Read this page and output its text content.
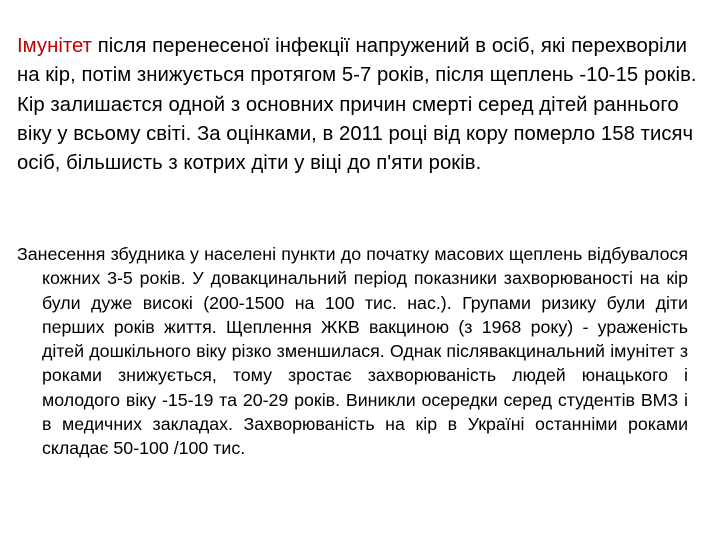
Імунітет після перенесеної інфекції напружений в осіб, які перехворіли на кір, потім знижується протягом 5-7 років, після щеплень -10-15 років. Кір залишаєтся одной з основних причин смерті серед дітей раннього віку у всьому світі. За оцінками, в 2011 році від кору померло 158 тисяч осіб, більшисть з котрих діти у віці до п'яти років.

Занесення збудника у населені пункти до початку масових щеплень відбувалося кожних 3-5 років. У довакцинальний період показники захворюваності на кір були дуже високі (200-1500 на 100 тис. нас.). Групами ризику були діти перших років життя. Щеплення ЖКВ вакциною (з 1968 року) - ураженість дітей дошкільного віку різко зменшилася. Однак післявакцинальний імунітет з роками знижується, тому зростає захворюваність людей юнацького і молодого віку -15-19 та 20-29 років. Виникли осередки серед студентів ВМЗ і в медичних закладах. Захворюваність на кір в Україні останніми роками складає 50-100 /100 тис.
